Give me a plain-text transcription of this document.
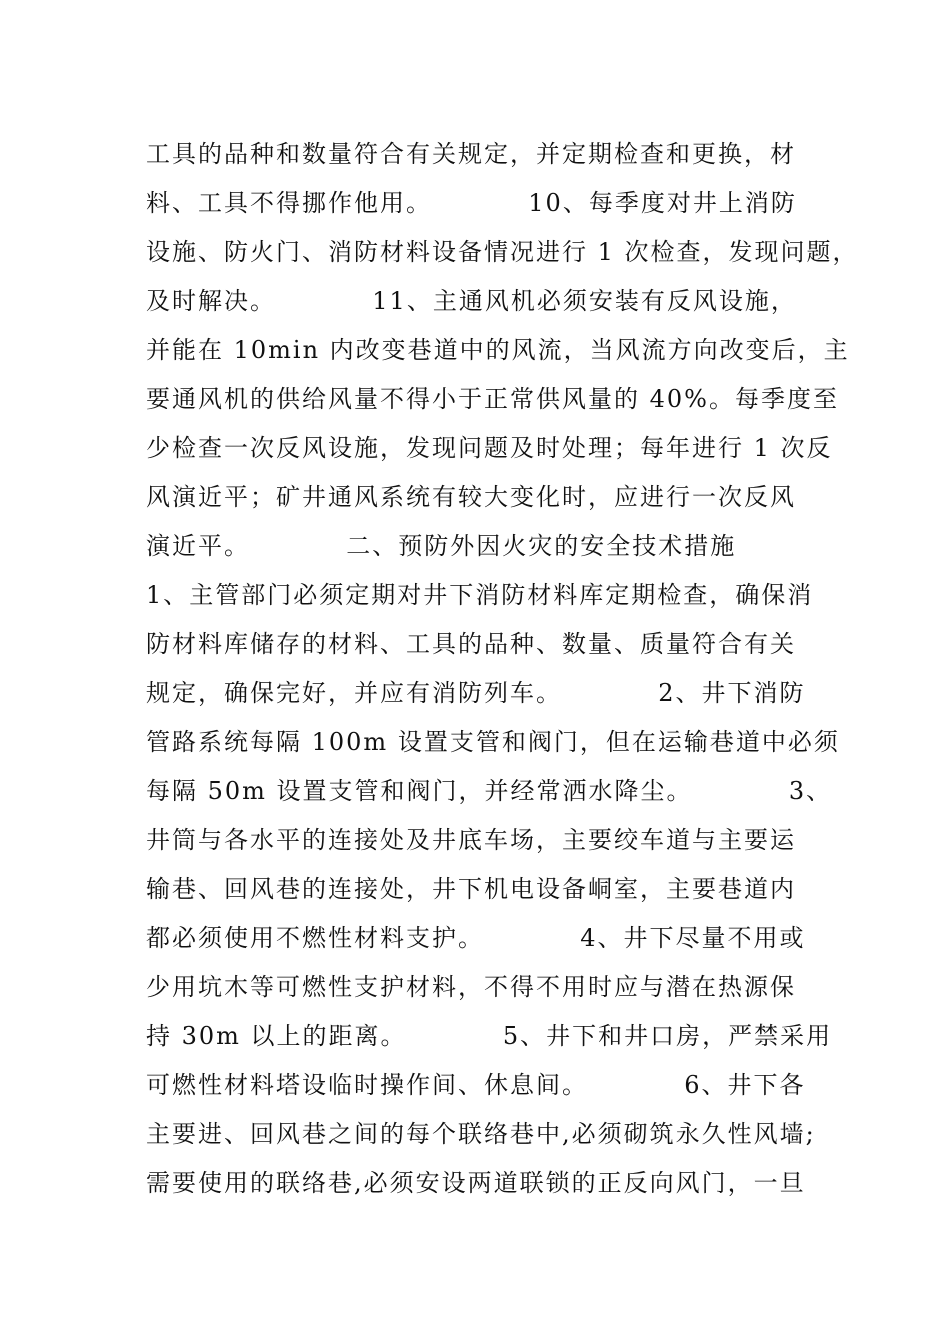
工具的品种和数量符合有关规定，并定期检查和更换，材
料、工具不得挪作他用。          10、每季度对井上消防
设施、防火门、消防材料设备情况进行 1 次检查，发现问题，
及时解决。          11、主通风机必须安装有反风设施，
并能在 10min 内改变巷道中的风流，当风流方向改变后，主
要通风机的供给风量不得小于正常供风量的 40%。每季度至
少检查一次反风设施，发现问题及时处理；每年进行 1 次反
风演近平；矿井通风系统有较大变化时，应进行一次反风
演近平。          二、预防外因火灾的安全技术措施
1、主管部门必须定期对井下消防材料库定期检查，确保消
防材料库储存的材料、工具的品种、数量、质量符合有关
规定，确保完好，并应有消防列车。          2、井下消防
管路系统每隔 100m 设置支管和阀门，但在运输巷道中必须
每隔 50m 设置支管和阀门，并经常洒水降尘。          3、
井筒与各水平的连接处及井底车场，主要绞车道与主要运
输巷、回风巷的连接处，井下机电设备峒室，主要巷道内
都必须使用不燃性材料支护。          4、井下尽量不用或
少用坑木等可燃性支护材料，不得不用时应与潜在热源保
持 30m 以上的距离。          5、井下和井口房，严禁采用
可燃性材料塔设临时操作间、休息间。          6、井下各
主要进、回风巷之间的每个联络巷中,必须砌筑永久性风墙;
需要使用的联络巷,必须安设两道联锁的正反向风门，一旦
